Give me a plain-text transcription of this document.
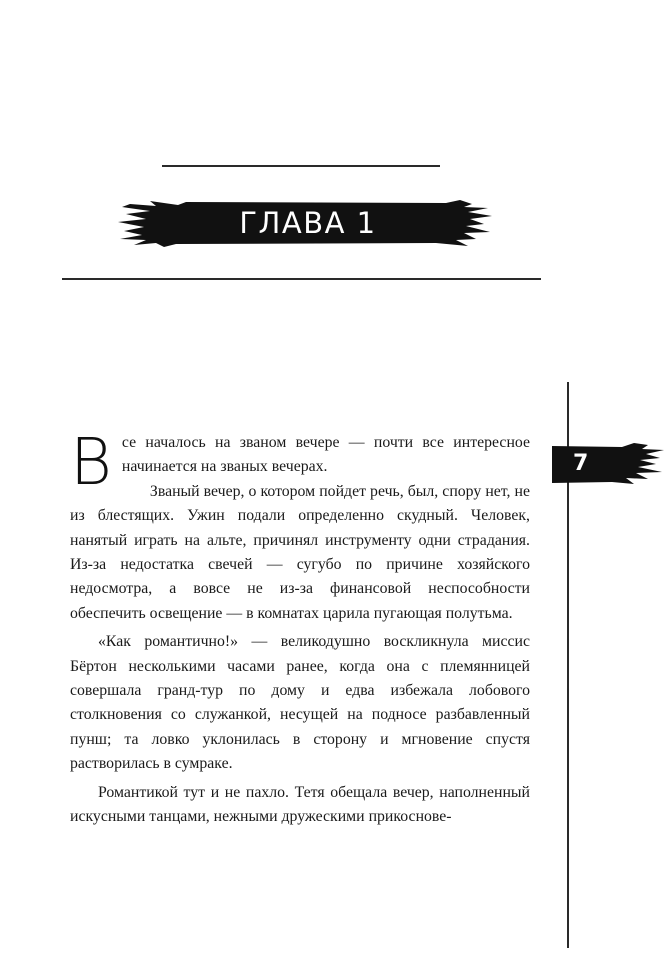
ГЛАВА 1
7
В се началось на званом вечере — почти все интересное начинается на званых вечерах.

Званый вечер, о котором пойдет речь, был, спору нет, не из блестящих. Ужин подали определенно скудный. Человек, нанятый играть на альте, причинял инструменту одни страдания. Из-за недостатка свечей — сугубо по причине хозяйского недосмотра, а вовсе не из-за финансовой неспособности обеспечить освещение — в комнатах царила пугающая полутьма.

«Как романтично!» — великодушно воскликнула миссис Бёртон несколькими часами ранее, когда она с племянницей совершала гранд-тур по дому и едва избежала лобового столкновения со служанкой, несущей на подносе разбавленный пунш; та ловко уклонилась в сторону и мгновение спустя растворилась в сумраке.

Романтикой тут и не пахло. Тетя обещала вечер, наполненный искусными танцами, нежными дружескими прикоснове-
